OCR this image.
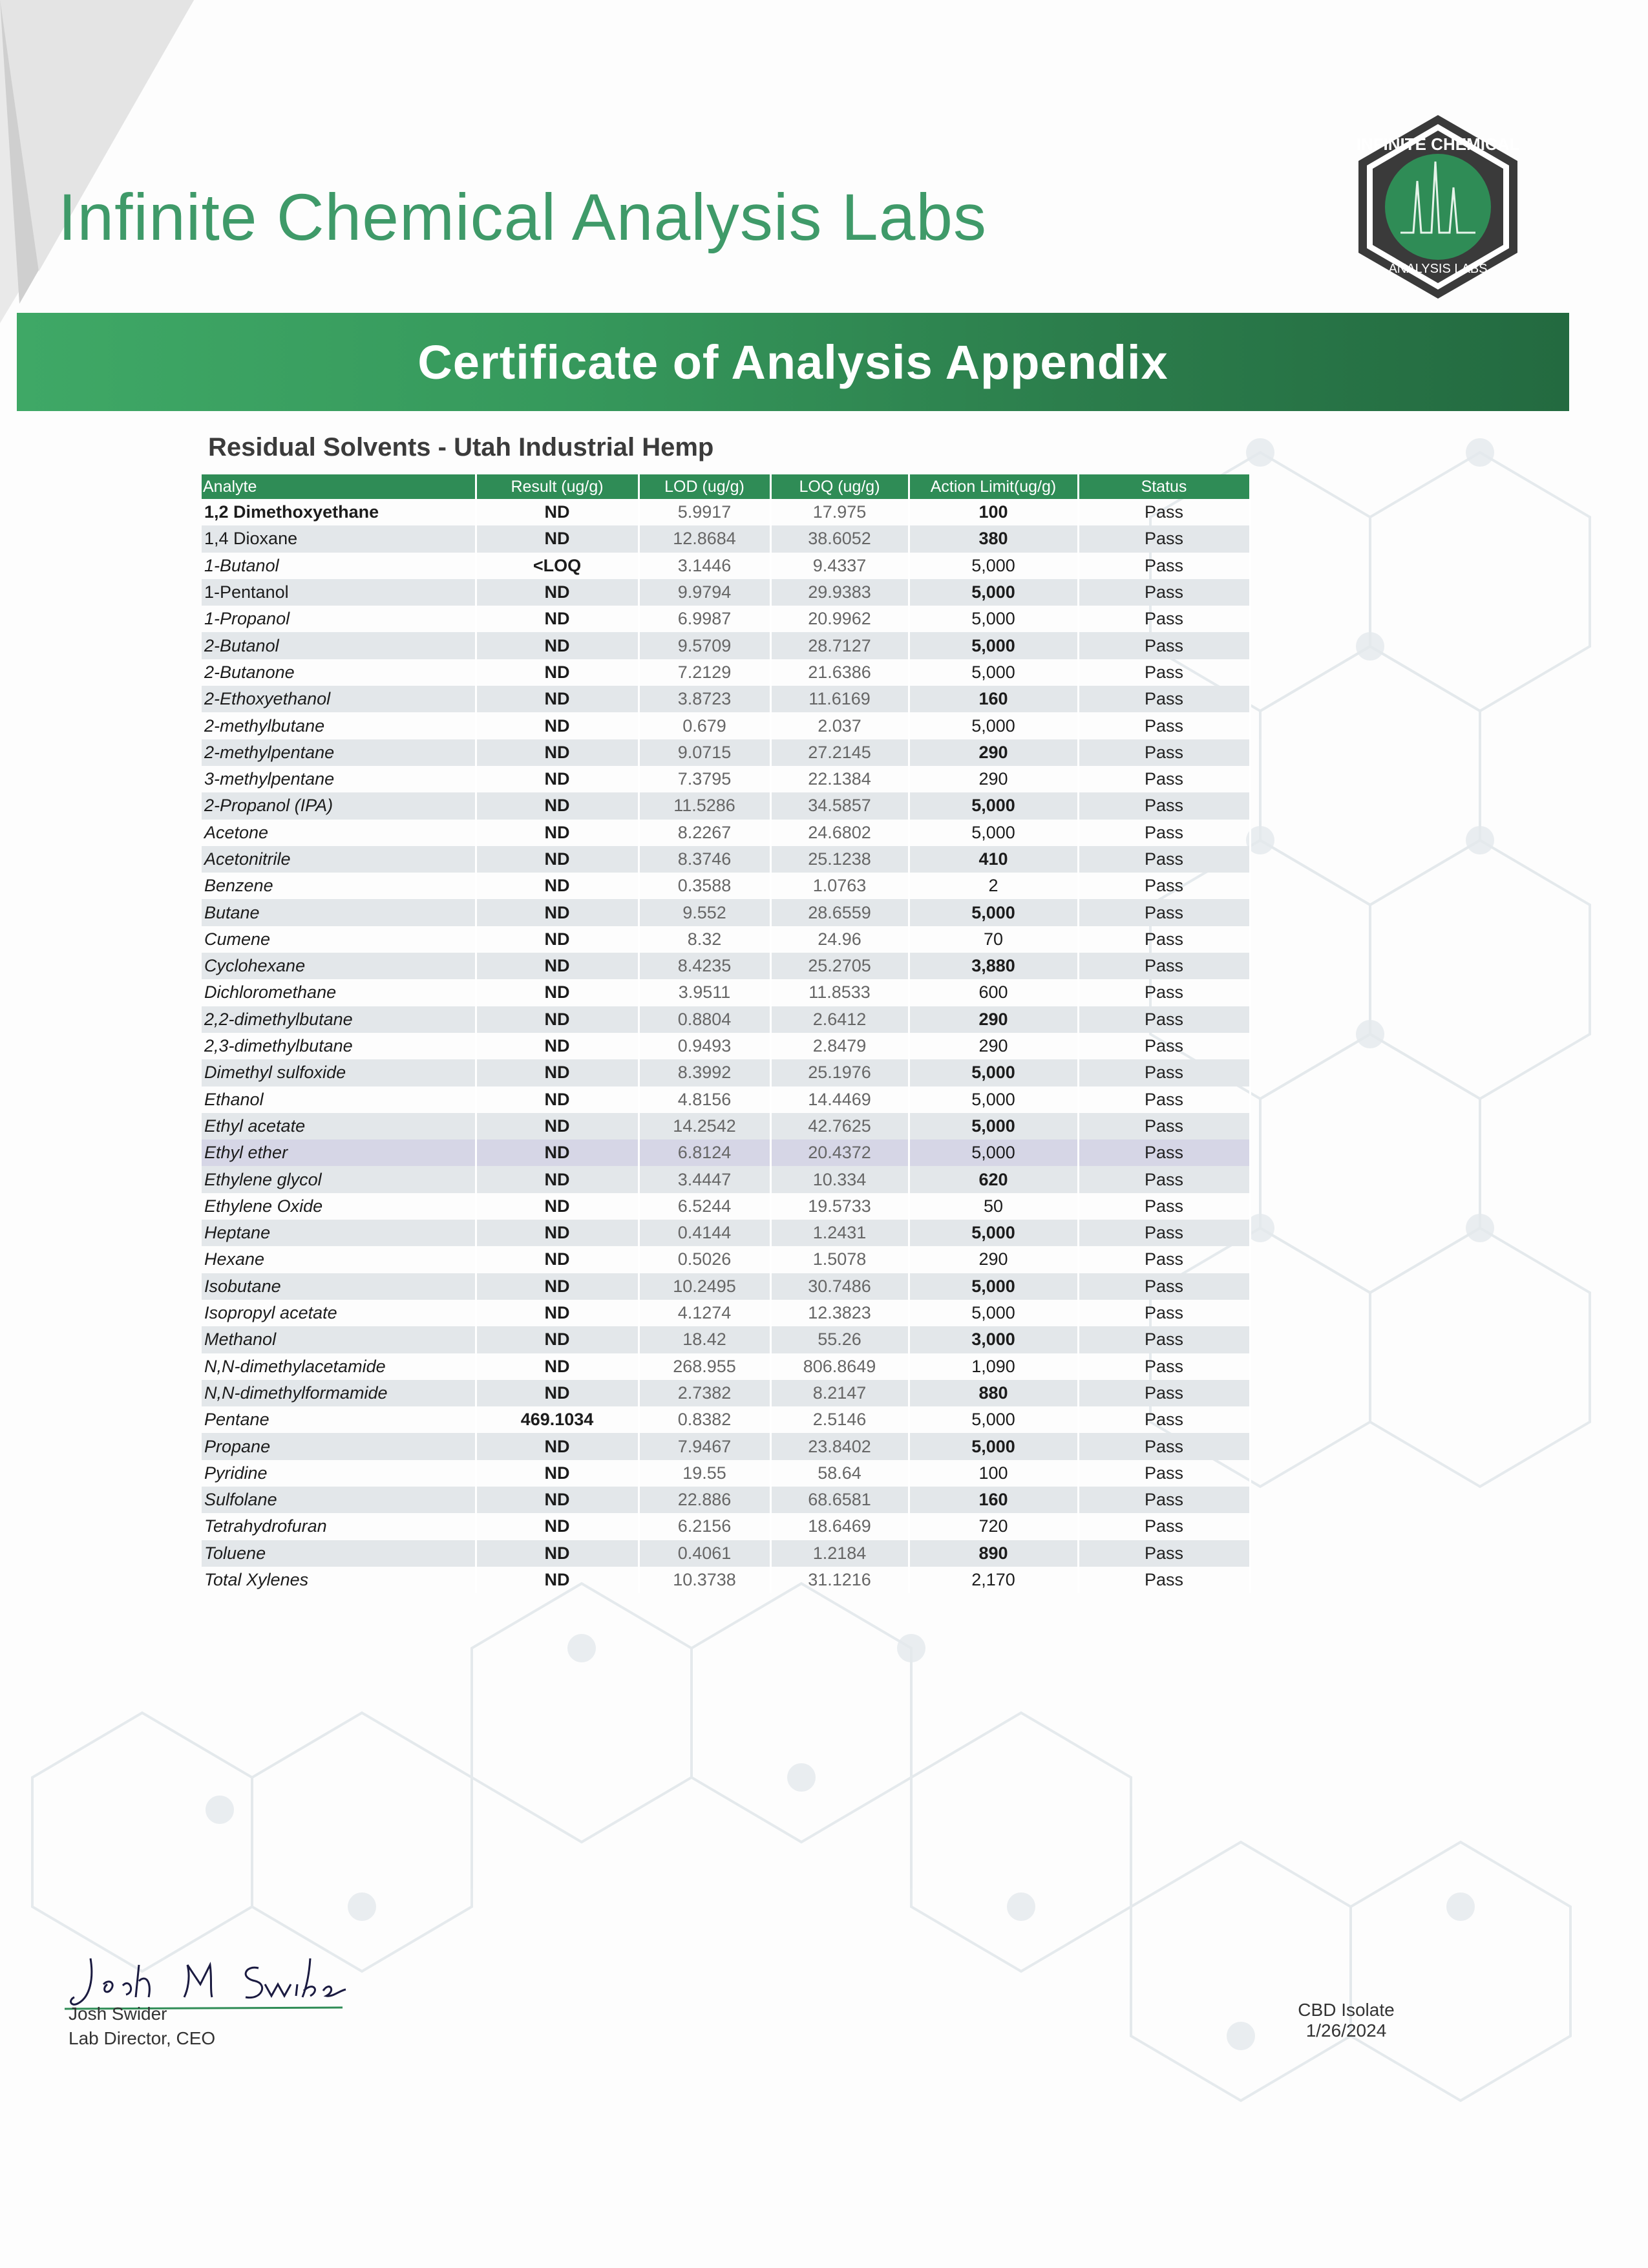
Infinite Chemical Analysis Labs
INFINITE CHEMICAL
ANALYSIS LABS
Certificate of Analysis Appendix
Residual Solvents - Utah Industrial Hemp
Analyte	Result (ug/g)	LOD (ug/g)	LOQ (ug/g)	Action Limit(ug/g)	Status
1,2 Dimethoxyethane	ND	5.9917	17.975	100	Pass
1,4 Dioxane	ND	12.8684	38.6052	380	Pass
1-Butanol	<LOQ	3.1446	9.4337	5,000	Pass
1-Pentanol	ND	9.9794	29.9383	5,000	Pass
1-Propanol	ND	6.9987	20.9962	5,000	Pass
2-Butanol	ND	9.5709	28.7127	5,000	Pass
2-Butanone	ND	7.2129	21.6386	5,000	Pass
2-Ethoxyethanol	ND	3.8723	11.6169	160	Pass
2-methylbutane	ND	0.679	2.037	5,000	Pass
2-methylpentane	ND	9.0715	27.2145	290	Pass
3-methylpentane	ND	7.3795	22.1384	290	Pass
2-Propanol (IPA)	ND	11.5286	34.5857	5,000	Pass
Acetone	ND	8.2267	24.6802	5,000	Pass
Acetonitrile	ND	8.3746	25.1238	410	Pass
Benzene	ND	0.3588	1.0763	2	Pass
Butane	ND	9.552	28.6559	5,000	Pass
Cumene	ND	8.32	24.96	70	Pass
Cyclohexane	ND	8.4235	25.2705	3,880	Pass
Dichloromethane	ND	3.9511	11.8533	600	Pass
2,2-dimethylbutane	ND	0.8804	2.6412	290	Pass
2,3-dimethylbutane	ND	0.9493	2.8479	290	Pass
Dimethyl sulfoxide	ND	8.3992	25.1976	5,000	Pass
Ethanol	ND	4.8156	14.4469	5,000	Pass
Ethyl acetate	ND	14.2542	42.7625	5,000	Pass
Ethyl ether	ND	6.8124	20.4372	5,000	Pass
Ethylene glycol	ND	3.4447	10.334	620	Pass
Ethylene Oxide	ND	6.5244	19.5733	50	Pass
Heptane	ND	0.4144	1.2431	5,000	Pass
Hexane	ND	0.5026	1.5078	290	Pass
Isobutane	ND	10.2495	30.7486	5,000	Pass
Isopropyl acetate	ND	4.1274	12.3823	5,000	Pass
Methanol	ND	18.42	55.26	3,000	Pass
N,N-dimethylacetamide	ND	268.955	806.8649	1,090	Pass
N,N-dimethylformamide	ND	2.7382	8.2147	880	Pass
Pentane	469.1034	0.8382	2.5146	5,000	Pass
Propane	ND	7.9467	23.8402	5,000	Pass
Pyridine	ND	19.55	58.64	100	Pass
Sulfolane	ND	22.886	68.6581	160	Pass
Tetrahydrofuran	ND	6.2156	18.6469	720	Pass
Toluene	ND	0.4061	1.2184	890	Pass
Total Xylenes	ND	10.3738	31.1216	2,170	Pass
Josh M Swider
Josh Swider
Lab Director, CEO
CBD Isolate
1/26/2024
